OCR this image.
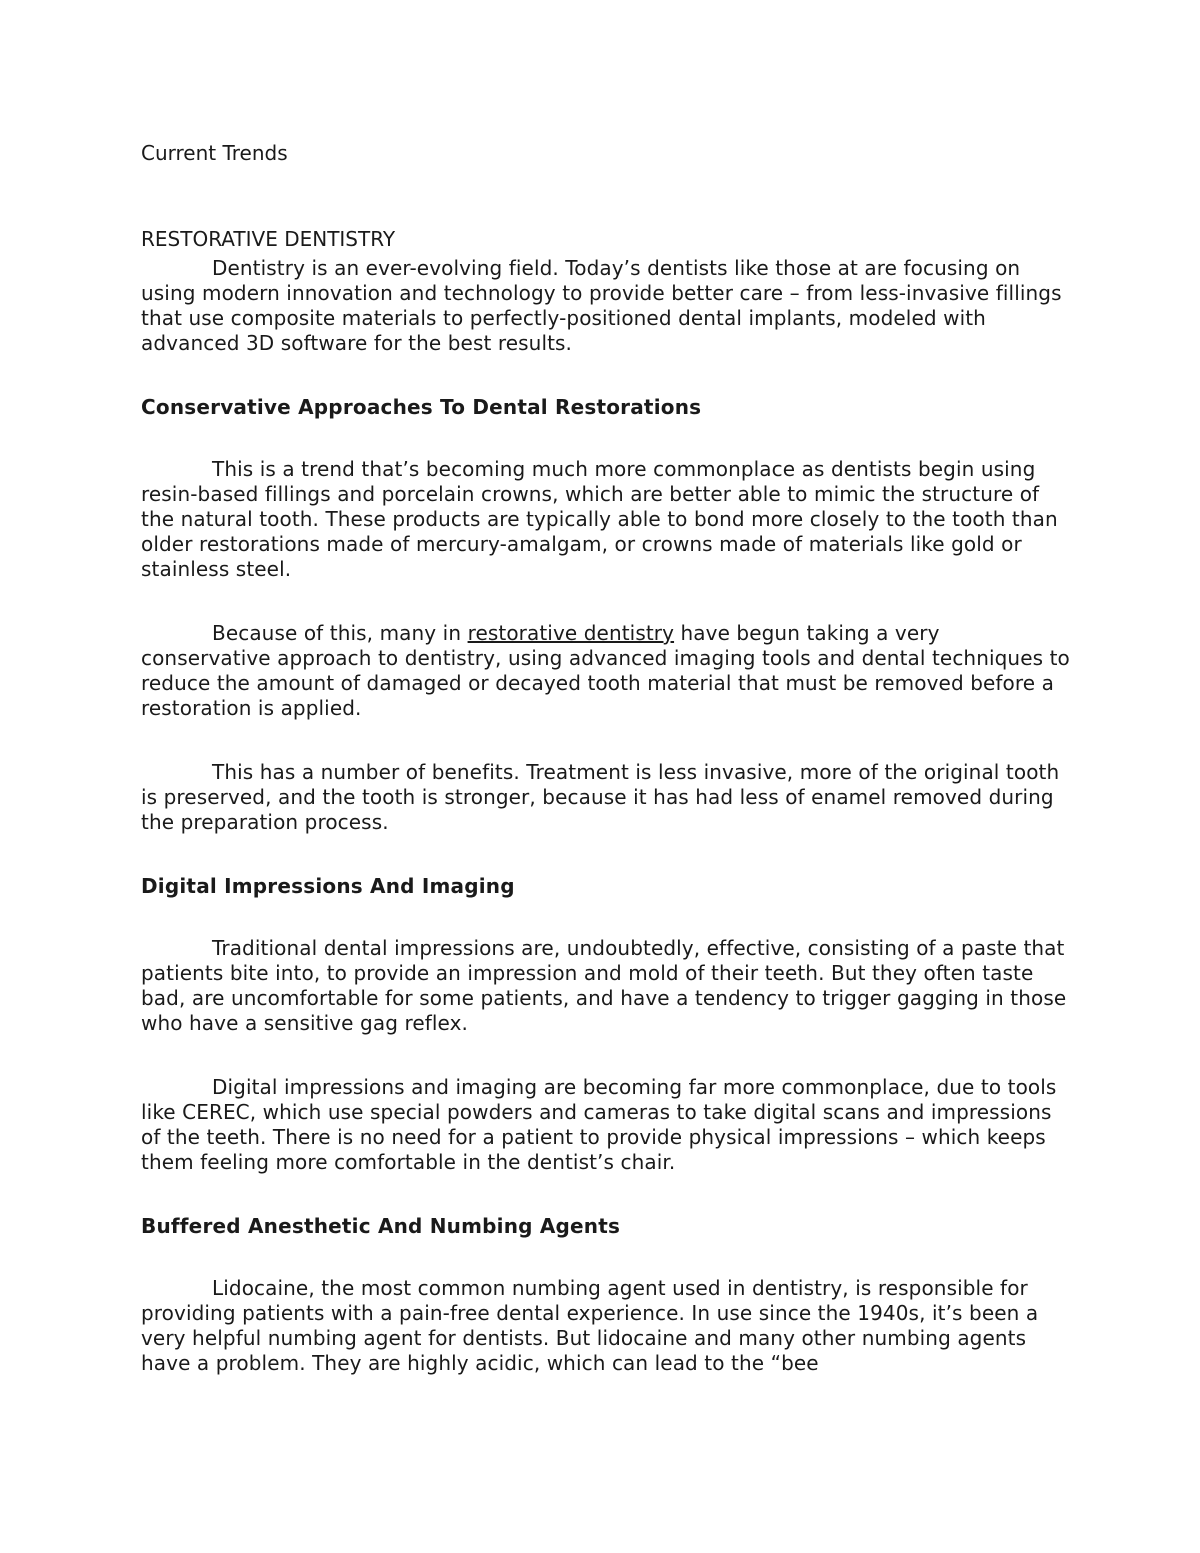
Current Trends
RESTORATIVE DENTISTRY

Dentistry is an ever-evolving field. Today’s dentists like those at are focusing on using modern innovation and technology to provide better care – from less-invasive fillings that use composite materials to perfectly-positioned dental implants, modeled with advanced 3D software for the best results.

Conservative Approaches To Dental Restorations

This is a trend that’s becoming much more commonplace as dentists begin using resin-based fillings and porcelain crowns, which are better able to mimic the structure of the natural tooth. These products are typically able to bond more closely to the tooth than older restorations made of mercury-amalgam, or crowns made of materials like gold or stainless steel.

Because of this, many in restorative dentistry have begun taking a very conservative approach to dentistry, using advanced imaging tools and dental techniques to reduce the amount of damaged or decayed tooth material that must be removed before a restoration is applied.

This has a number of benefits. Treatment is less invasive, more of the original tooth is preserved, and the tooth is stronger, because it has had less of enamel removed during the preparation process.

Digital Impressions And Imaging

Traditional dental impressions are, undoubtedly, effective, consisting of a paste that patients bite into, to provide an impression and mold of their teeth. But they often taste bad, are uncomfortable for some patients, and have a tendency to trigger gagging in those who have a sensitive gag reflex.

Digital impressions and imaging are becoming far more commonplace, due to tools like CEREC, which use special powders and cameras to take digital scans and impressions of the teeth. There is no need for a patient to provide physical impressions – which keeps them feeling more comfortable in the dentist’s chair.

Buffered Anesthetic And Numbing Agents

Lidocaine, the most common numbing agent used in dentistry, is responsible for providing patients with a pain-free dental experience. In use since the 1940s, it’s been a very helpful numbing agent for dentists. But lidocaine and many other numbing agents have a problem. They are highly acidic, which can lead to the “bee
